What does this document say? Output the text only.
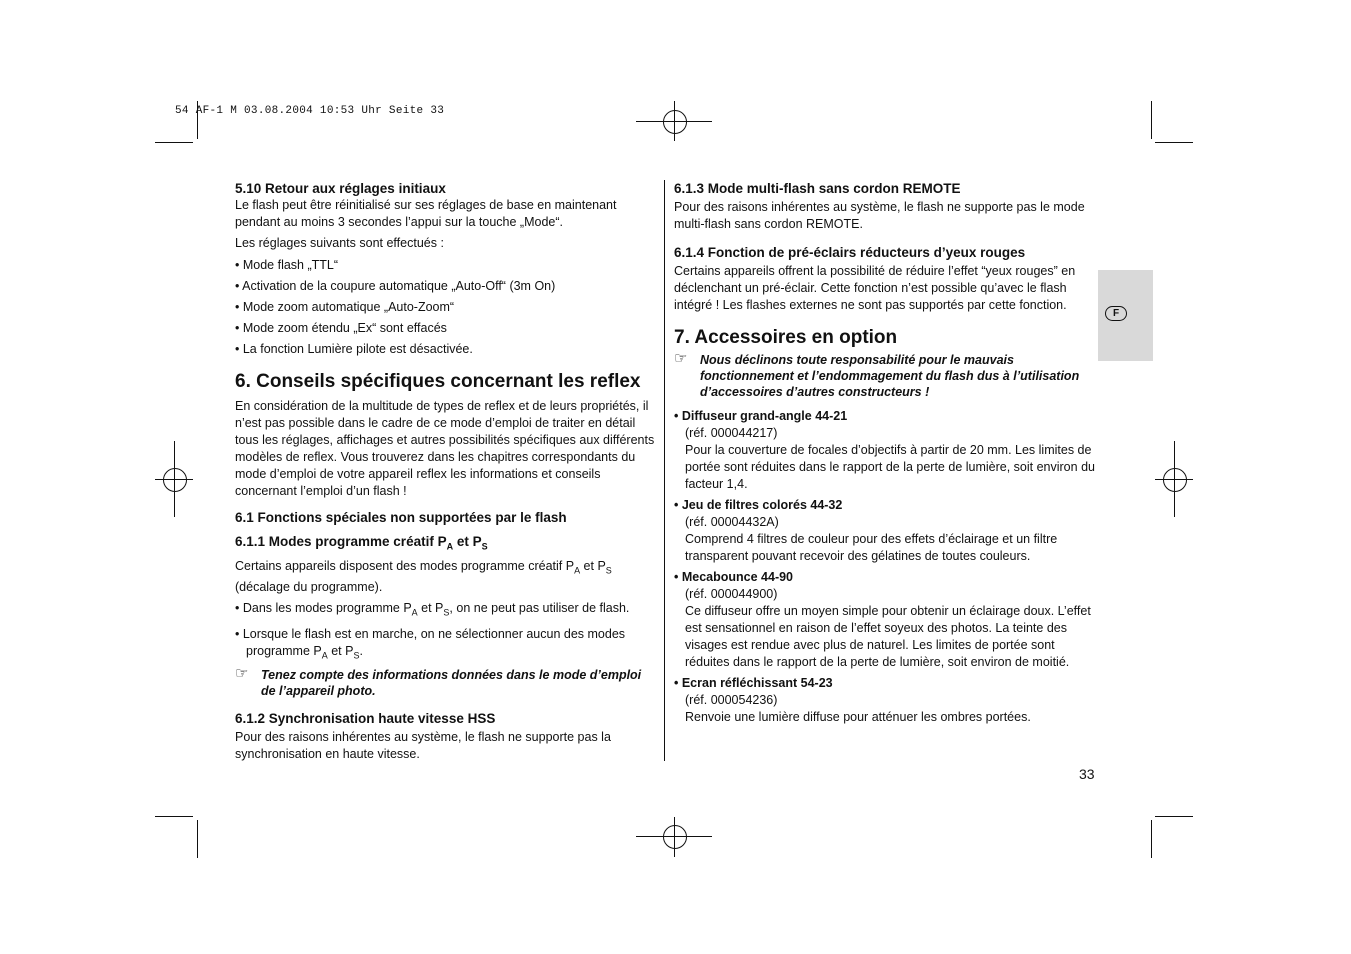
54 AF-1 M 03.08.2004 10:53 Uhr Seite 33
F
5.10 Retour aux réglages initiaux
Le flash peut être réinitialisé sur ses réglages de base en maintenant pendant au moins 3 secondes l’appui sur la touche „Mode“.
Les réglages suivants sont effectués :
• Mode flash „TTL“
• Activation de la coupure automatique „Auto-Off“ (3m On)
• Mode zoom automatique „Auto-Zoom“
• Mode zoom étendu „Ex“ sont effacés
• La fonction Lumière pilote est désactivée.
6. Conseils spécifiques concernant les reflex
En considération de la multitude de types de reflex et de leurs propriétés, il n’est pas possible dans le cadre de ce mode d’emploi de traiter en détail tous les réglages, affichages et autres possibilités spécifiques aux différents modèles de reflex. Vous trouverez dans les chapitres correspondants du mode d’emploi de votre appareil reflex les informations et conseils concernant l’emploi d’un flash !
6.1 Fonctions spéciales non supportées par le flash
6.1.1 Modes programme créatif $P_A$ et $P_S$
Certains appareils disposent des modes programme créatif $P_A$ et $P_S$ (décalage du programme).
• Dans les modes programme $P_A$ et $P_S$, on ne peut pas utiliser de flash.
• Lorsque le flash est en marche, on ne sélectionner aucun des modes programme $P_A$ et $P_S$.
☞ Tenez compte des informations données dans le mode d’emploi de l’appareil photo.
6.1.2 Synchronisation haute vitesse HSS
Pour des raisons inhérentes au système, le flash ne supporte pas la synchronisation en haute vitesse.
6.1.3 Mode multi-flash sans cordon REMOTE
Pour des raisons inhérentes au système, le flash ne supporte pas le mode multi-flash sans cordon REMOTE.
6.1.4 Fonction de pré-éclairs réducteurs d’yeux rouges
Certains appareils offrent la possibilité de réduire l’effet “yeux rouges” en déclenchant un pré-éclair. Cette fonction n’est possible qu’avec le flash intégré ! Les flashes externes ne sont pas supportés par cette fonction.
7. Accessoires en option
☞ Nous déclinons toute responsabilité pour le mauvais fonctionnement et l’endommagement du flash dus à l’utilisation d’accessoires d’autres constructeurs !
• Diffuseur grand-angle 44-21
(réf. 000044217)
Pour la couverture de focales d’objectifs à partir de 20 mm. Les limites de portée sont réduites dans le rapport de la perte de lumière, soit environ du facteur 1,4.
• Jeu de filtres colorés 44-32
(réf. 00004432A)
Comprend 4 filtres de couleur pour des effets d’éclairage et un filtre transparent pouvant recevoir des gélatines de toutes couleurs.
• Mecabounce 44-90
(réf. 000044900)
Ce diffuseur offre un moyen simple pour obtenir un éclairage doux. L’effet est sensationnel en raison de l’effet soyeux des photos. La teinte des visages est rendue avec plus de naturel. Les limites de portée sont réduites dans le rapport de la perte de lumière, soit environ de moitié.
• Ecran réfléchissant 54-23
(réf. 000054236)
Renvoie une lumière diffuse pour atténuer les ombres portées.
33
